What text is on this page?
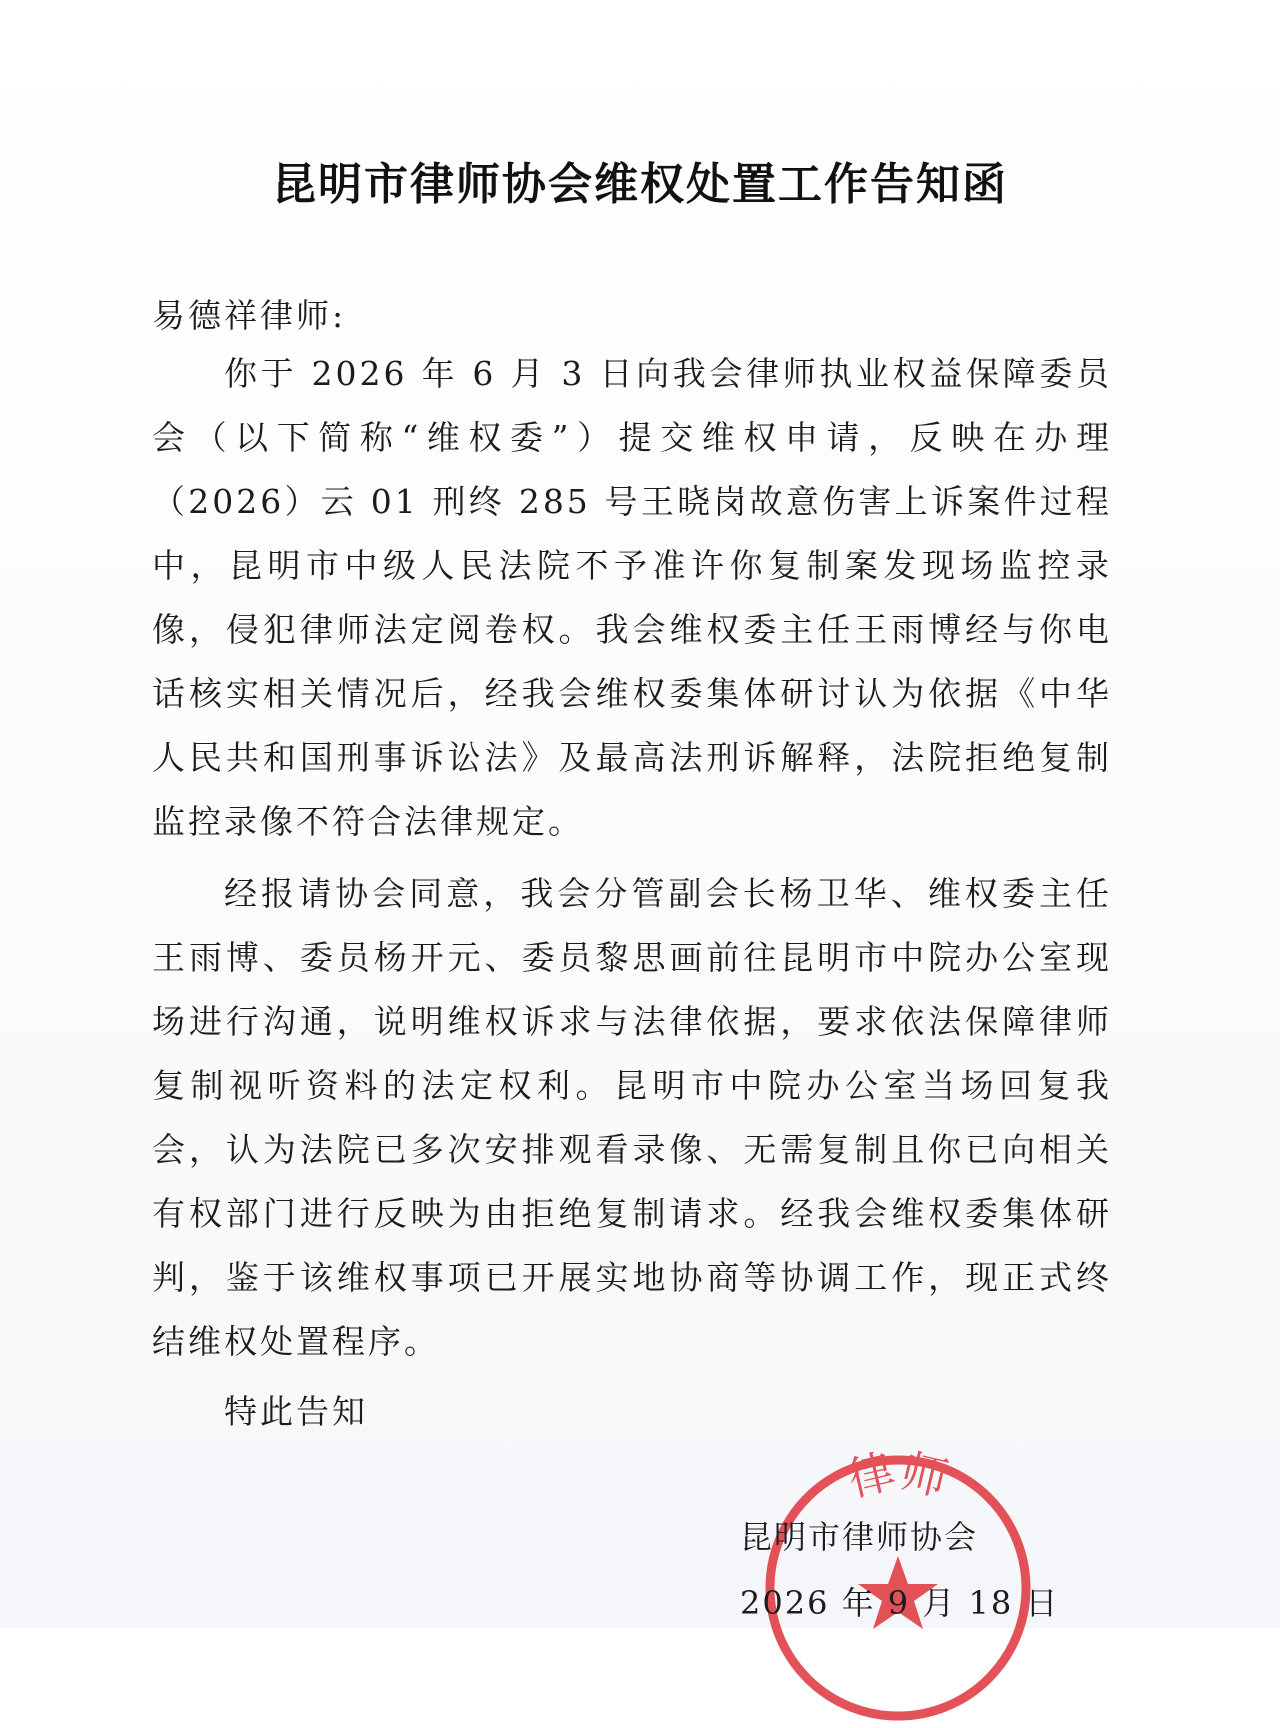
昆明市律师协会维权处置工作告知函
易德祥律师:

你于 2026 年 6 月 3 日向我会律师执业权益保障委员会（以下简称“维权委”）提交维权申请，反映在办理（2026）云 01 刑终 285 号王晓岗故意伤害上诉案件过程中，昆明市中级人民法院不予准许你复制案发现场监控录像，侵犯律师法定阅卷权。我会维权委主任王雨博经与你电话核实相关情况后，经我会维权委集体研讨认为依据《中华人民共和国刑事诉讼法》及最高法刑诉解释，法院拒绝复制监控录像不符合法律规定。

经报请协会同意，我会分管副会长杨卫华、维权委主任王雨博、委员杨开元、委员黎思画前往昆明市中院办公室现场进行沟通，说明维权诉求与法律依据，要求依法保障律师复制视听资料的法定权利。昆明市中院办公室当场回复我会，认为法院已多次安排观看录像、无需复制且你已向相关有权部门进行反映为由拒绝复制请求。经我会维权委集体研判，鉴于该维权事项已开展实地协商等协调工作，现正式终结维权处置程序。

特此告知
律师
昆明市律师协会
2026 年 9 月 18 日
